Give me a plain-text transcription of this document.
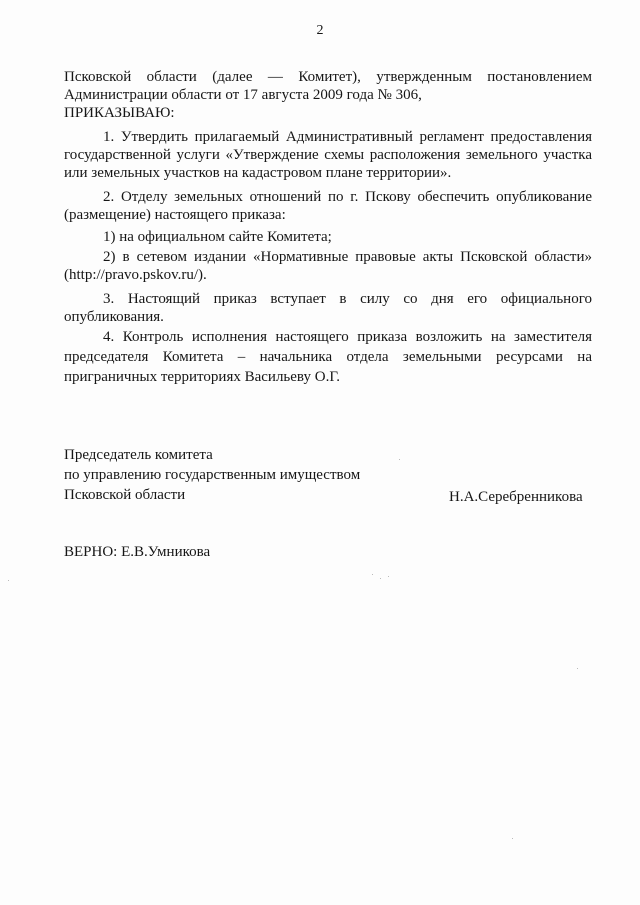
2
Псковской области (далее — Комитет), утвержденным постановлением
Администрации области от 17 августа 2009 года № 306,
ПРИКАЗЫВАЮ:
1. Утвердить прилагаемый Административный регламент предоставления
государственной услуги «Утверждение схемы расположения земельного участка
или земельных участков на кадастровом плане территории».
2. Отделу земельных отношений по г. Пскову обеспечить опубликование
(размещение) настоящего приказа:
1) на официальном сайте Комитета;
2) в сетевом издании «Нормативные правовые акты Псковской области»
(http://pravo.pskov.ru/).
3. Настоящий приказ вступает в силу со дня его официального
опубликования.
4. Контроль исполнения настоящего приказа возложить на заместителя
председателя Комитета – начальника отдела земельными ресурсами на
приграничных территориях Васильеву О.Г.
Председатель комитета
по управлению государственным имуществом
Псковской области	Н.А.Серебренникова
ВЕРНО: Е.В.Умникова
